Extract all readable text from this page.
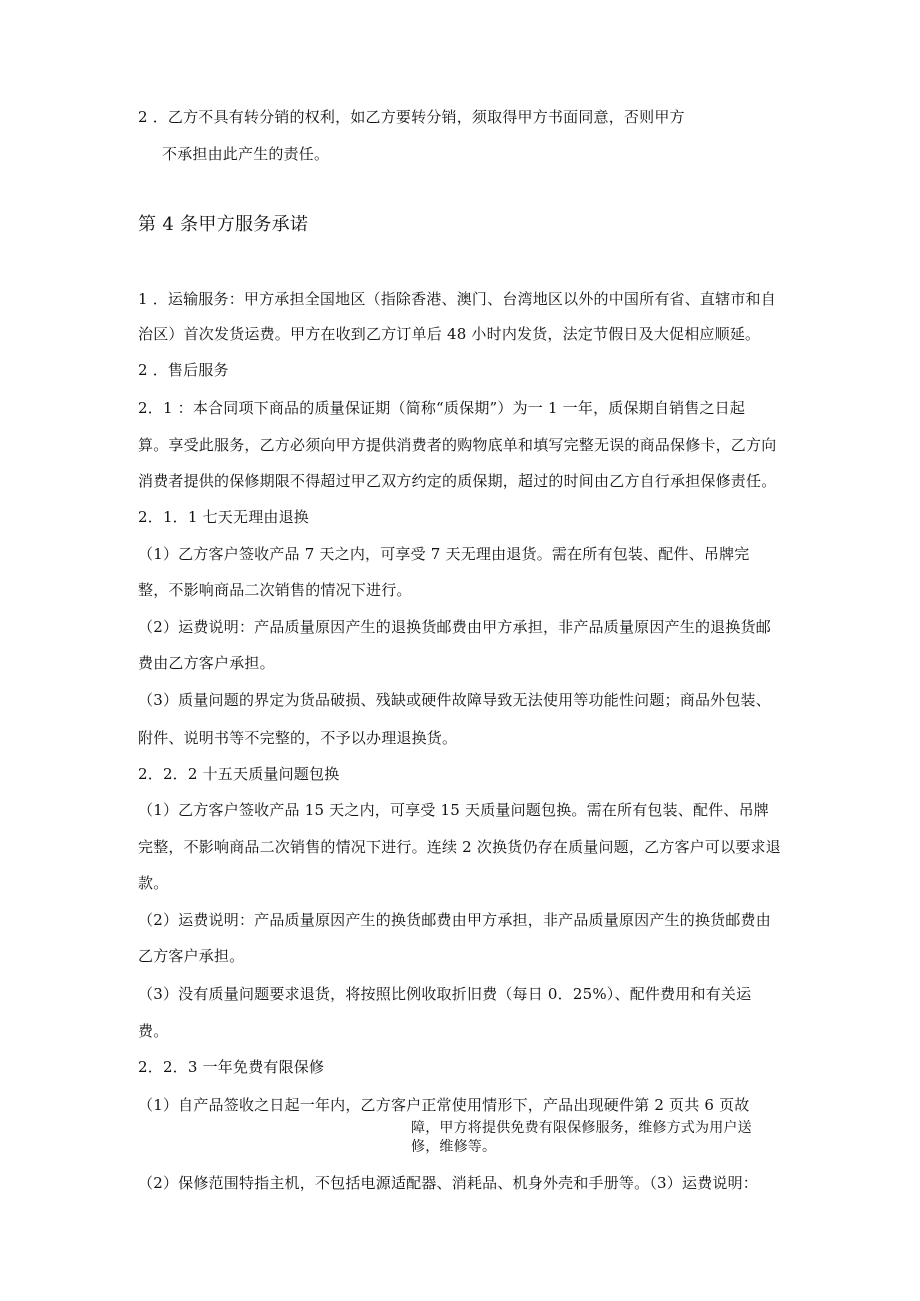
2 ．乙方不具有转分销的权利，如乙方要转分销，须取得甲方书面同意，否则甲方
不承担由此产生的责任。
第 4 条甲方服务承诺
1 ．运输服务：甲方承担全国地区（指除香港、澳门、台湾地区以外的中国所有省、直辖市和自
治区）首次发货运费。甲方在收到乙方订单后 48 小时内发货，法定节假日及大促相应顺延。
2 ．售后服务
2．1 ：本合同项下商品的质量保证期（简称“质保期”）为一 1 一年，质保期自销售之日起
算。享受此服务，乙方必须向甲方提供消费者的购物底单和填写完整无误的商品保修卡，乙方向
消费者提供的保修期限不得超过甲乙双方约定的质保期，超过的时间由乙方自行承担保修责任。
2．1．1 七天无理由退换
（1）乙方客户签收产品 7 天之内，可享受 7 天无理由退货。需在所有包装、配件、吊牌完
整，不影响商品二次销售的情况下进行。
（2）运费说明：产品质量原因产生的退换货邮费由甲方承担，非产品质量原因产生的退换货邮
费由乙方客户承担。
（3）质量问题的界定为货品破损、残缺或硬件故障导致无法使用等功能性问题；商品外包装、
附件、说明书等不完整的，不予以办理退换货。
2．2．2 十五天质量问题包换
（1）乙方客户签收产品 15 天之内，可享受 15 天质量问题包换。需在所有包装、配件、吊牌
完整，不影响商品二次销售的情况下进行。连续 2 次换货仍存在质量问题，乙方客户可以要求退
款。
（2）运费说明：产品质量原因产生的换货邮费由甲方承担，非产品质量原因产生的换货邮费由
乙方客户承担。
（3）没有质量问题要求退货，将按照比例收取折旧费（每日 0．25%）、配件费用和有关运
费。
2．2．3 一年免费有限保修
（1）自产品签收之日起一年内，乙方客户正常使用情形下，产品出现硬件第 2 页共 6 页故
障，甲方将提供免费有限保修服务，维修方式为用户送
修，维修等。
（2）保修范围特指主机，不包括电源适配器、消耗品、机身外壳和手册等。（3）运费说明：
